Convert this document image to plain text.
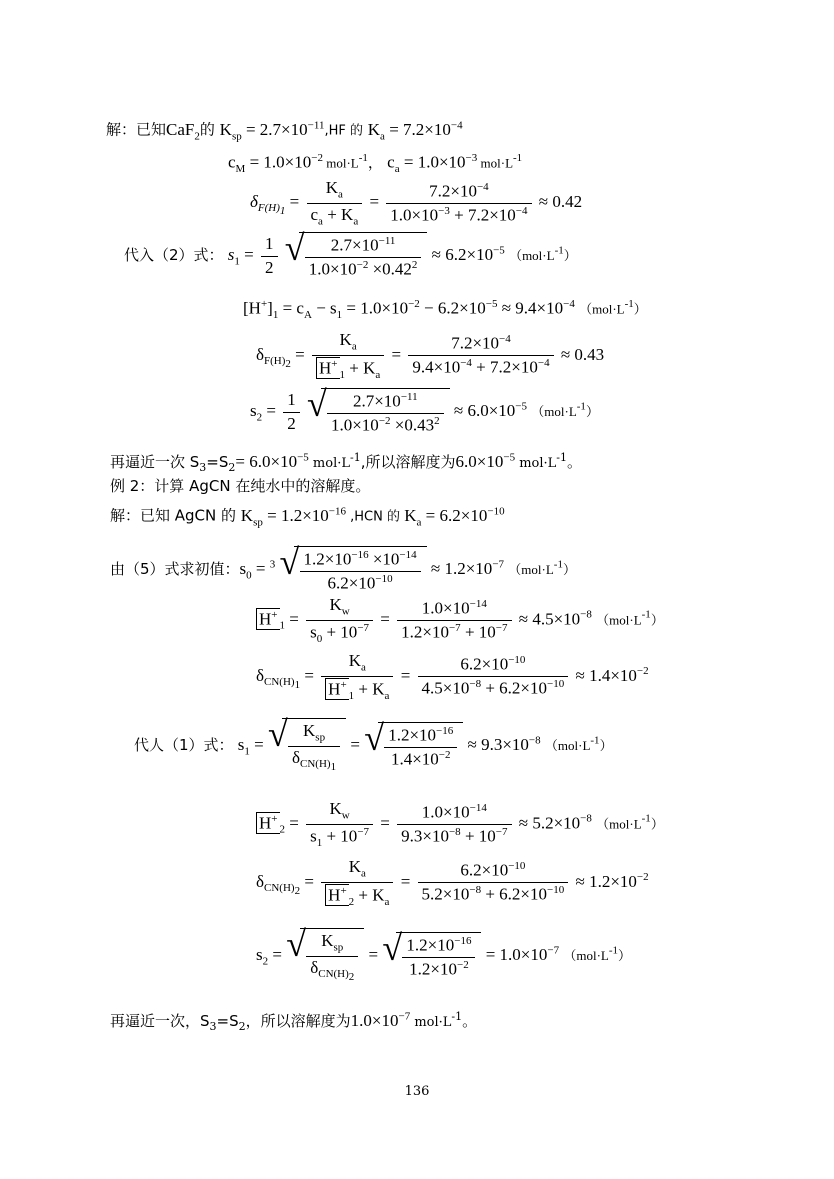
解：已知CaF$_2$的 $K_{sp} = 2.7\times 10^{-11},HF$ 的 $K_a = 7.2\times 10^{-4}$
$c_M = 1.0\times 10^{-2}$ $mol\cdot L^{-1}$， $c_a = 1.0\times 10^{-3}$ $mol\cdot L^{-1}$
$\delta_{F(H)_1} = \frac{K_a}{c_a + K_a} = \frac{7.2\times 10^{-4}}{1.0\times 10^{-3} + 7.2\times 10^{-4}} \approx 0.42$
代入（2）式： $s_1 = \frac{1}{2}$
√ $\frac{2.7\times 10^{-11}}{1.0\times 10^{-2} \times 0.42^2} \approx 6.2\times 10^{-5}$ $(mol\cdot L^{-1})$
$[H^+]_1 = c_A - s_1 = 1.0\times 10^{-2} - 6.2\times 10^{-5} \approx 9.4\times 10^{-4}$ $(mol\cdot L^{-1})$
$\delta_{F(H)_2} = \frac{K_a}{H^+_1 + K_a} = \frac{7.2\times 10^{-4}}{9.4\times 10^{-4} + 7.2\times 10^{-4}} \approx 0.43$
$s_2 = \frac{1}{2}$
√ $\frac{2.7\times 10^{-11}}{1.0\times 10^{-2} \times 0.43^2} \approx 6.0\times 10^{-5}$ $(mol\cdot L^{-1})$
再逼近一次 $S_3=S_2= 6.0\times 10^{-5}$ $mol\cdot L^{-1}$,所以溶解度为$6.0\times 10^{-5}$ $mol\cdot L^{-1}$。
例 2：计算 AgCN 在纯水中的溶解度。
解：已知 AgCN 的 $K_{sp} = 1.2\times 10^{-16}$ ,HCN 的 $K_a = 6.2\times 10^{-10}$
由（5）式求初值：$s_0 = ^3$ √ $\frac{1.2\times 10^{-16} \times 10^{-14}}{6.2\times 10^{-10}} \approx 1.2\times 10^{-7}$ $(mol\cdot L^{-1})$
$H^+_1 = \frac{K_w}{s_0 + 10^{-7}} = \frac{1.0\times 10^{-14}}{1.2\times 10^{-7} + 10^{-7}} \approx 4.5\times 10^{-8}$ $(mol\cdot L^{-1})$
$\delta_{CN(H)_1} = \frac{K_a}{H^+_1 + K_a} = \frac{6.2\times 10^{-10}}{4.5\times 10^{-8} + 6.2\times 10^{-10}} \approx 1.4\times 10^{-2}$
代人（1）式： $s_1$ = √ $\frac{K_{sp}}{\delta_{CN(H)_1}}$ = √ $\frac{1.2\times 10^{-16}}{1.4\times 10^{-2}} \approx 9.3\times 10^{-8}$ $(mol\cdot L^{-1})$
$H^+_2 = \frac{K_w}{s_1 + 10^{-7}} = \frac{1.0\times 10^{-14}}{9.3\times 10^{-8} + 10^{-7}} \approx 5.2\times 10^{-8}$ $(mol\cdot L^{-1})$
$\delta_{CN(H)_2} = \frac{K_a}{H^+_2 + K_a} = \frac{6.2\times 10^{-10}}{5.2\times 10^{-8} + 6.2\times 10^{-10}} \approx 1.2\times 10^{-2}$
$s_2$ = √ $\frac{K_{sp}}{\delta_{CN(H)_2}}$ = √ $\frac{1.2\times 10^{-16}}{1.2\times 10^{-2}} = 1.0\times 10^{-7}$ $(mol\cdot L^{-1})$
再逼近一次，$S_3=S_2$，所以溶解度为$1.0\times 10^{-7}$ $mol\cdot L^{-1}$。
136
